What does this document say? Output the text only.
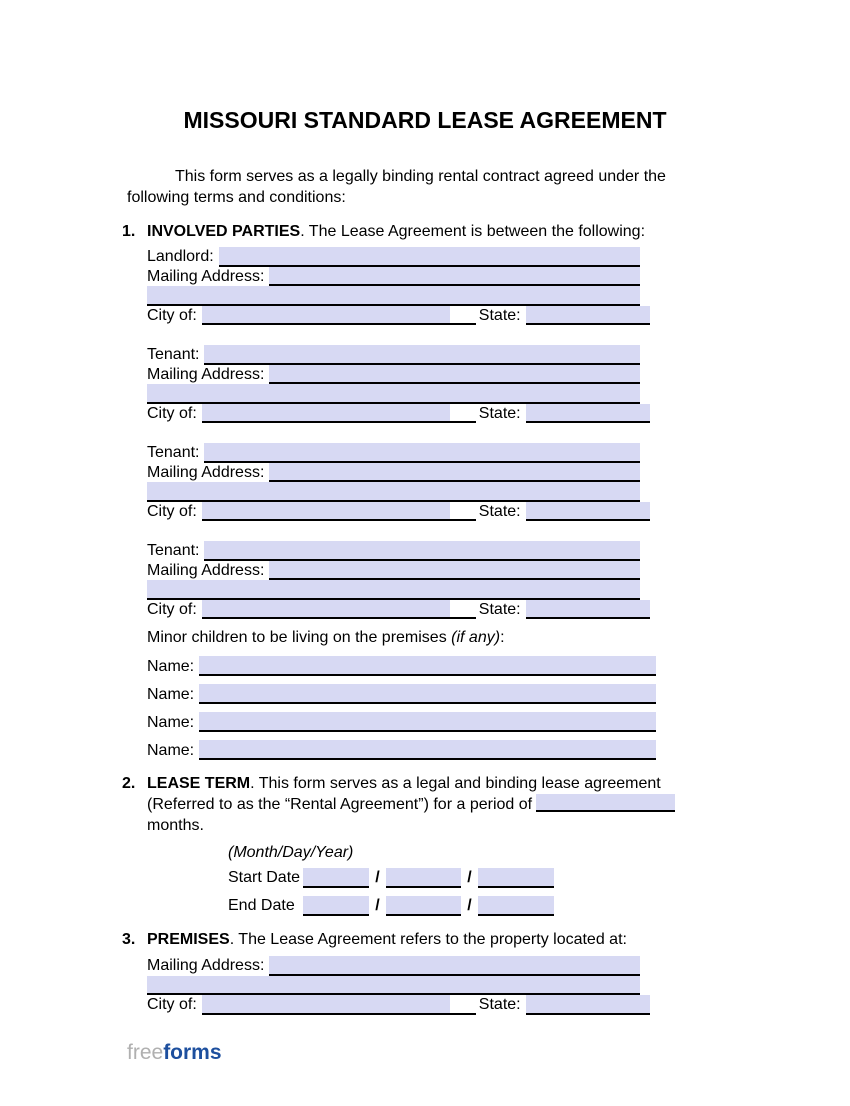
MISSOURI STANDARD LEASE AGREEMENT

This form serves as a legally binding rental contract agreed under the following terms and conditions:

1. INVOLVED PARTIES. The Lease Agreement is between the following:
Landlord:
Mailing Address:
City of:	State:
Tenant:
Mailing Address:
City of:	State:
Tenant:
Mailing Address:
City of:	State:
Tenant:
Mailing Address:
City of:	State:
Minor children to be living on the premises (if any):
Name:
Name:
Name:
Name:
2. LEASE TERM. This form serves as a legal and binding lease agreement (Referred to as the “Rental Agreement”) for a period of months.
(Month/Day/Year)
Start Date	/	/
End Date	/	/
3. PREMISES. The Lease Agreement refers to the property located at:
Mailing Address:
City of:	State:
freeforms
